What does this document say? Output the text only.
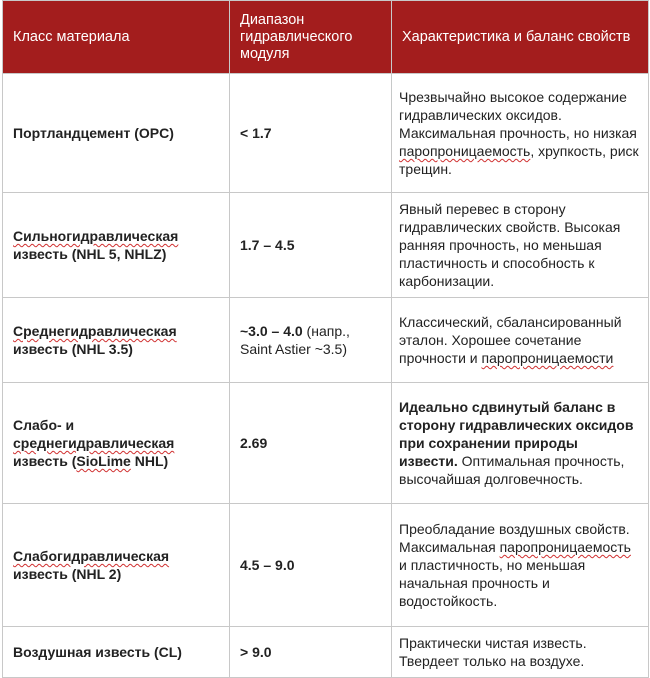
Класс материала	Диапазон гидравлического модуля	Характеристика и баланс свойств
Портландцемент (OPC)	< 1.7	Чрезвычайно высокое содержание гидравлических оксидов. Максимальная прочность, но низкая паропроницаемость, хрупкость, риск трещин.
Сильногидравлическая известь (NHL 5, NHLZ)	1.7 – 4.5	Явный перевес в сторону гидравлических свойств. Высокая ранняя прочность, но меньшая пластичность и способность к карбонизации.
Среднегидравлическая известь (NHL 3.5)	~3.0 – 4.0 (напр., Saint Astier ~3.5)	Классический, сбалансированный эталон. Хорошее сочетание прочности и паропроницаемости
Слабо- и среднегидравлическая известь (SioLime NHL)	2.69	Идеально сдвинутый баланс в сторону гидравлических оксидов при сохранении природы извести. Оптимальная прочность, высочайшая долговечность.
Слабогидравлическая известь (NHL 2)	4.5 – 9.0	Преобладание воздушных свойств. Максимальная паропроницаемость и пластичность, но меньшая начальная прочность и водостойкость.
Воздушная известь (CL)	> 9.0	Практически чистая известь. Твердеет только на воздухе.
